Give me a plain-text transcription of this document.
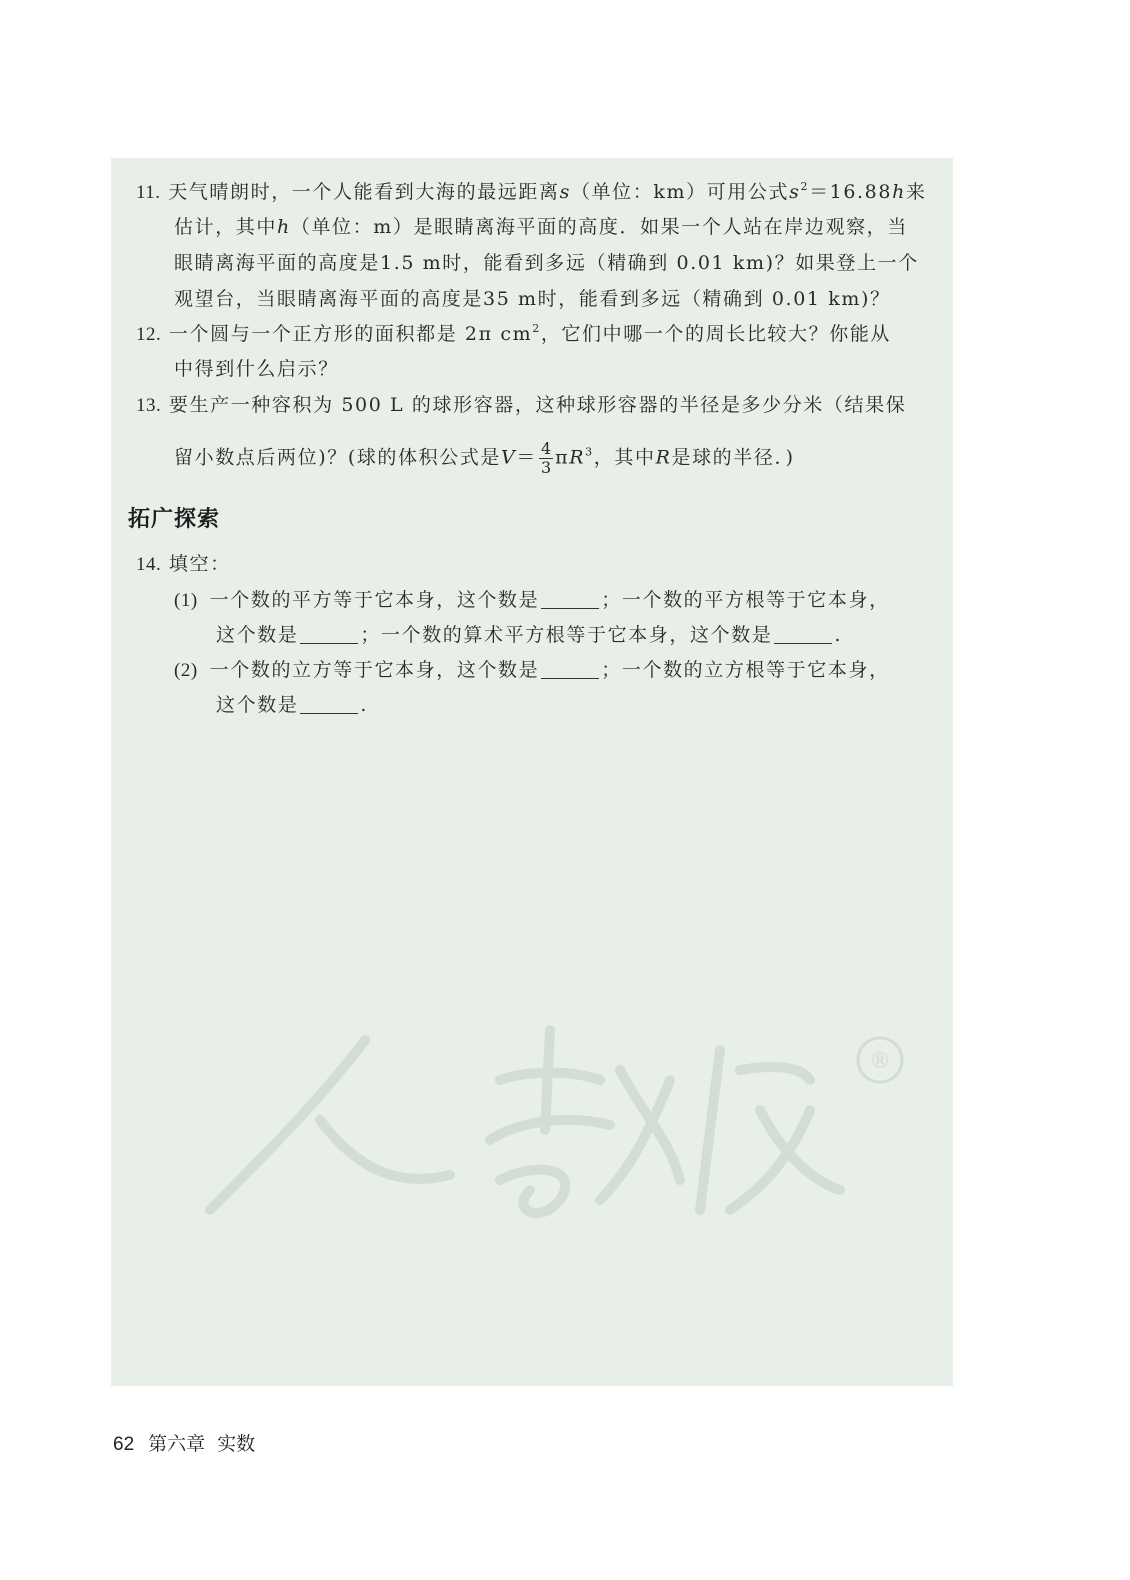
®
11. 天气晴朗时，一个人能看到大海的最远距离s（单位：km）可用公式$s^2=16.88h$来
估计，其中h（单位：m）是眼睛离海平面的高度．如果一个人站在岸边观察，当
眼睛离海平面的高度是1.5 m时，能看到多远（精确到 0.01 km)？如果登上一个
观望台，当眼睛离海平面的高度是35 m时，能看到多远（精确到 0.01 km)？
12. 一个圆与一个正方形的面积都是 2π $cm^2$，它们中哪一个的周长比较大？你能从
中得到什么启示？
13. 要生产一种容积为 500 L 的球形容器，这种球形容器的半径是多少分米（结果保
留小数点后两位)？(球的体积公式是$V= \frac{4}{3} \pi R^3$，其中R是球的半径．)
拓广探索
14. 填空：
(1) 一个数的平方等于它本身，这个数是	；一个数的平方根等于它本身，
这个数是	；一个数的算术平方根等于它本身，这个数是	.
(2) 一个数的立方等于它本身，这个数是	；一个数的立方根等于它本身，
这个数是	.
62 第六章 实数
